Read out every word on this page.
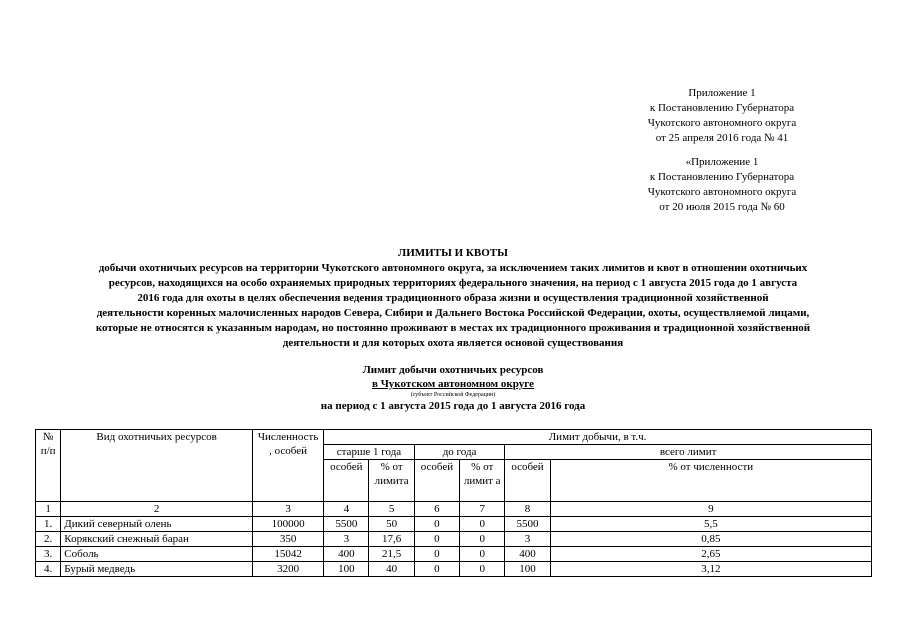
Приложение 1
к Постановлению Губернатора
Чукотского автономного округа
от 25 апреля 2016 года № 41
«Приложение 1
к Постановлению Губернатора
Чукотского автономного округа
от 20 июля 2015 года № 60
ЛИМИТЫ И КВОТЫ
добычи охотничьих ресурсов на территории Чукотского автономного округа, за исключением таких лимитов и квот в отношении охотничьих
ресурсов, находящихся на особо охраняемых природных территориях федерального значения, на период с 1 августа 2015 года до 1 августа
2016 года для охоты в целях обеспечения ведения традиционного образа жизни и осуществления традиционной хозяйственной
деятельности коренных малочисленных народов Севера, Сибири и Дальнего Востока Российской Федерации, охоты, осуществляемой лицами,
которые не относятся к указанным народам, но постоянно проживают в местах их традиционного проживания и традиционной хозяйственной
деятельности и для которых охота является основой существования
Лимит добычи охотничьих ресурсов
в Чукотском автономном округе
(субъект Российской Федерации)
на период с 1 августа 2015 года до 1 августа 2016 года
№ п/п	Вид охотничьих ресурсов	Численность , особей	Лимит добычи, в т.ч.					
			старше 1 года		до года		всего лимит	
			особей	% от лимита	особей	% от лимит а	особей	% от численности
1	2	3	4	5	6	7	8	9
1.	Дикий северный олень	100000	5500	50	0	0	5500	5,5
2.	Корякский снежный баран	350	3	17,6	0	0	3	0,85
3.	Соболь	15042	400	21,5	0	0	400	2,65
4.	Бурый медведь	3200	100	40	0	0	100	3,12
